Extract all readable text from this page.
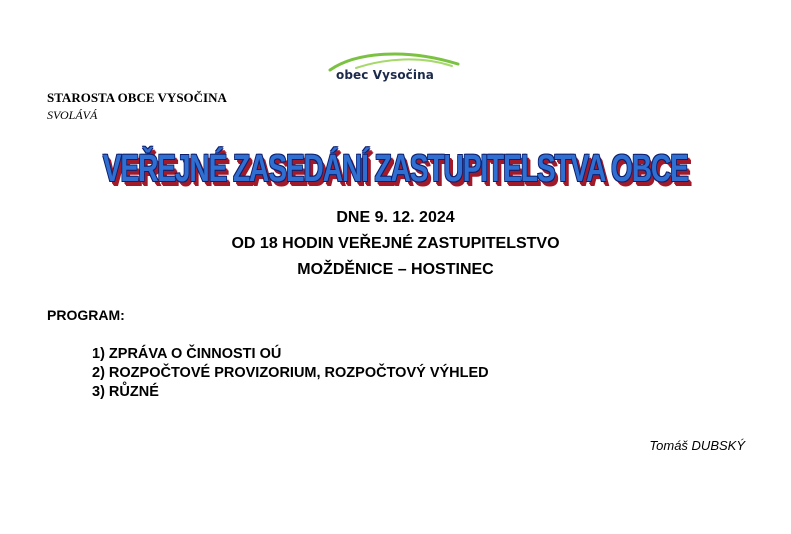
obec Vysočina
STAROSTA OBCE VYSOČINA
SVOLÁVÁ
VEŘEJNÉ ZASEDÁNÍ ZASTUPITELSTVA OBCE
DNE 9. 12. 2024
OD 18 HODIN VEŘEJNÉ ZASTUPITELSTVO
MOŽDĚNICE – HOSTINEC
PROGRAM:
1) ZPRÁVA O ČINNOSTI OÚ
2) ROZPOČTOVÉ PROVIZORIUM, ROZPOČTOVÝ VÝHLED
3) RŮZNÉ
Tomáš DUBSKÝ
